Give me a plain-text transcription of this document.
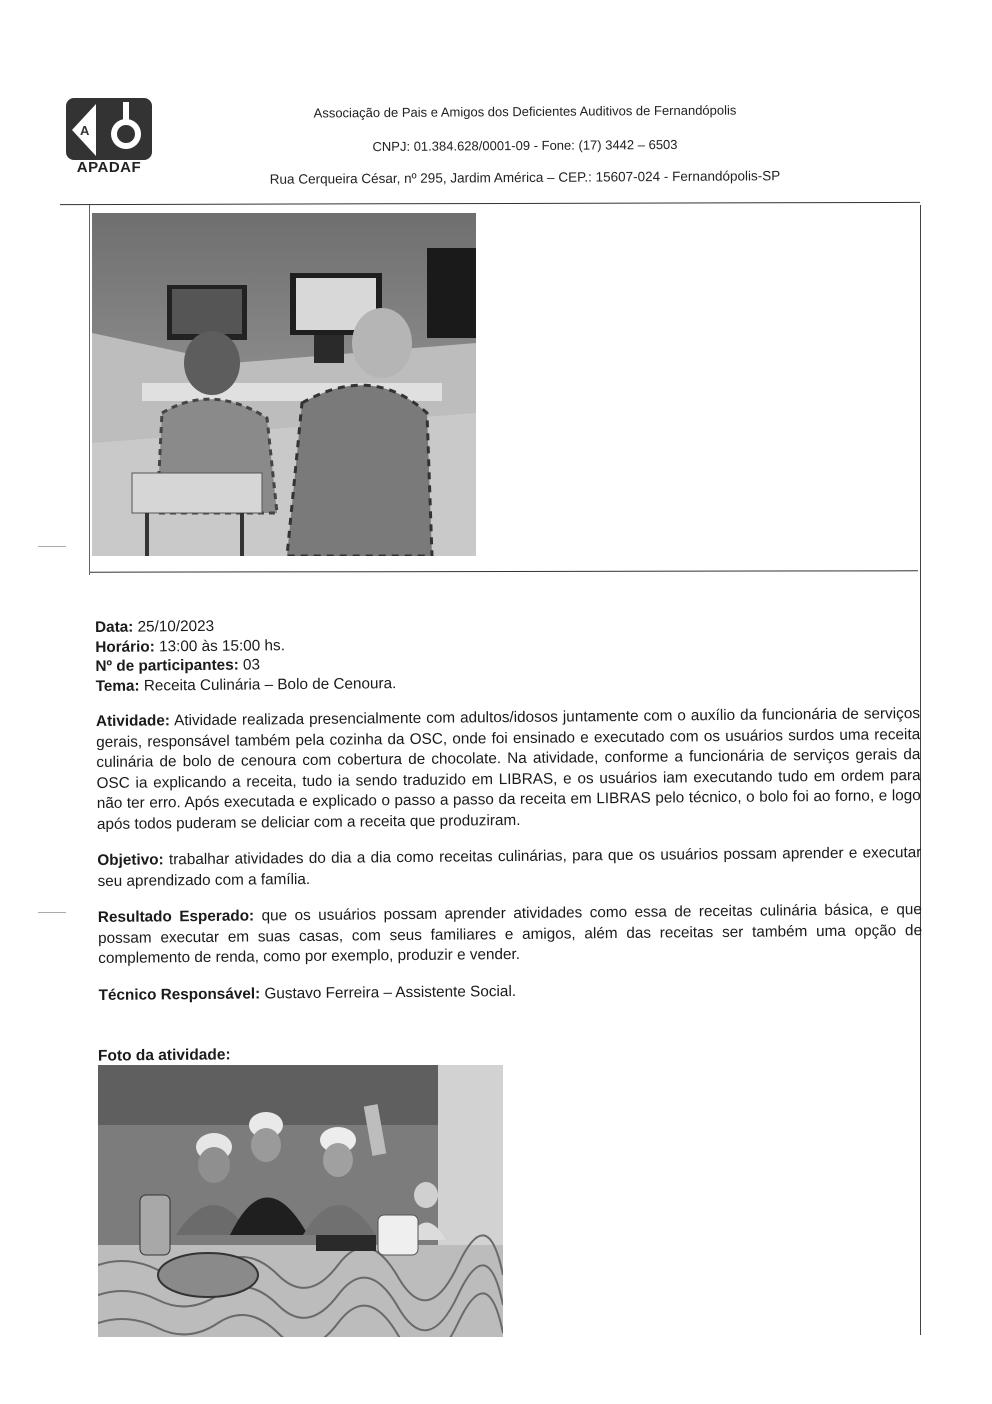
A
APADAF
Associação de Pais e Amigos dos Deficientes Auditivos de Fernandópolis
CNPJ: 01.384.628/0001-09 - Fone: (17) 3442 – 6503
Rua Cerqueira César, nº 295, Jardim América – CEP.: 15607-024 - Fernandópolis-SP

Data: 25/10/2023

Horário: 13:00 às 15:00 hs.

Nº de participantes: 03

Tema: Receita Culinária – Bolo de Cenoura.

Atividade: Atividade realizada presencialmente com adultos/idosos juntamente com o auxílio da funcionária de serviços gerais, responsável também pela cozinha da OSC, onde foi ensinado e executado com os usuários surdos uma receita culinária de bolo de cenoura com cobertura de chocolate. Na atividade, conforme a funcionária de serviços gerais da OSC ia explicando a receita, tudo ia sendo traduzido em LIBRAS, e os usuários iam executando tudo em ordem para não ter erro. Após executada e explicado o passo a passo da receita em LIBRAS pelo técnico, o bolo foi ao forno, e logo após todos puderam se deliciar com a receita que produziram.

Objetivo: trabalhar atividades do dia a dia como receitas culinárias, para que os usuários possam aprender e executar seu aprendizado com a família.

Resultado Esperado: que os usuários possam aprender atividades como essa de receitas culinária básica, e que possam executar em suas casas, com seus familiares e amigos, além das receitas ser também uma opção de complemento de renda, como por exemplo, produzir e vender.

Técnico Responsável: Gustavo Ferreira – Assistente Social.

Foto da atividade:
